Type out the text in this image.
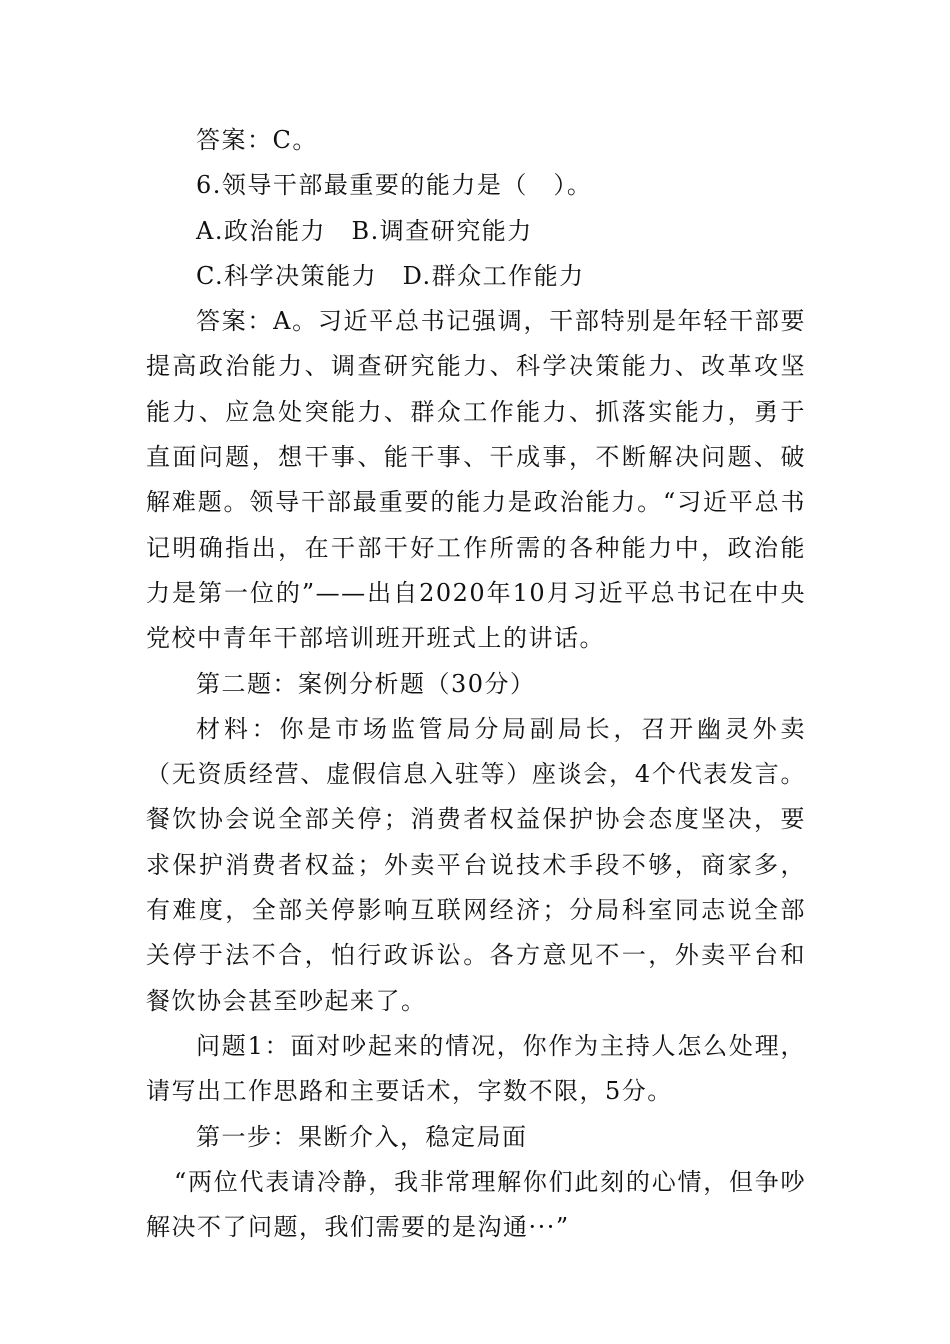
答案：C。

6.领导干部最重要的能力是（　）。

A.政治能力　B.调查研究能力

C.科学决策能力　D.群众工作能力

答案：A。习近平总书记强调，干部特别是年轻干部要提高政治能力、调查研究能力、科学决策能力、改革攻坚能力、应急处突能力、群众工作能力、抓落实能力，勇于直面问题，想干事、能干事、干成事，不断解决问题、破解难题。领导干部最重要的能力是政治能力。“习近平总书记明确指出，在干部干好工作所需的各种能力中，政治能力是第一位的”——出自2020年10月习近平总书记在中央党校中青年干部培训班开班式上的讲话。

第二题：案例分析题（30分）

材料：你是市场监管局分局副局长，召开幽灵外卖（无资质经营、虚假信息入驻等）座谈会，4个代表发言。餐饮协会说全部关停；消费者权益保护协会态度坚决，要求保护消费者权益；外卖平台说技术手段不够，商家多，有难度，全部关停影响互联网经济；分局科室同志说全部关停于法不合，怕行政诉讼。各方意见不一，外卖平台和餐饮协会甚至吵起来了。

问题1：面对吵起来的情况，你作为主持人怎么处理，请写出工作思路和主要话术，字数不限，5分。

第一步：果断介入，稳定局面

“两位代表请冷静，我非常理解你们此刻的心情，但争吵解决不了问题，我们需要的是沟通···”
